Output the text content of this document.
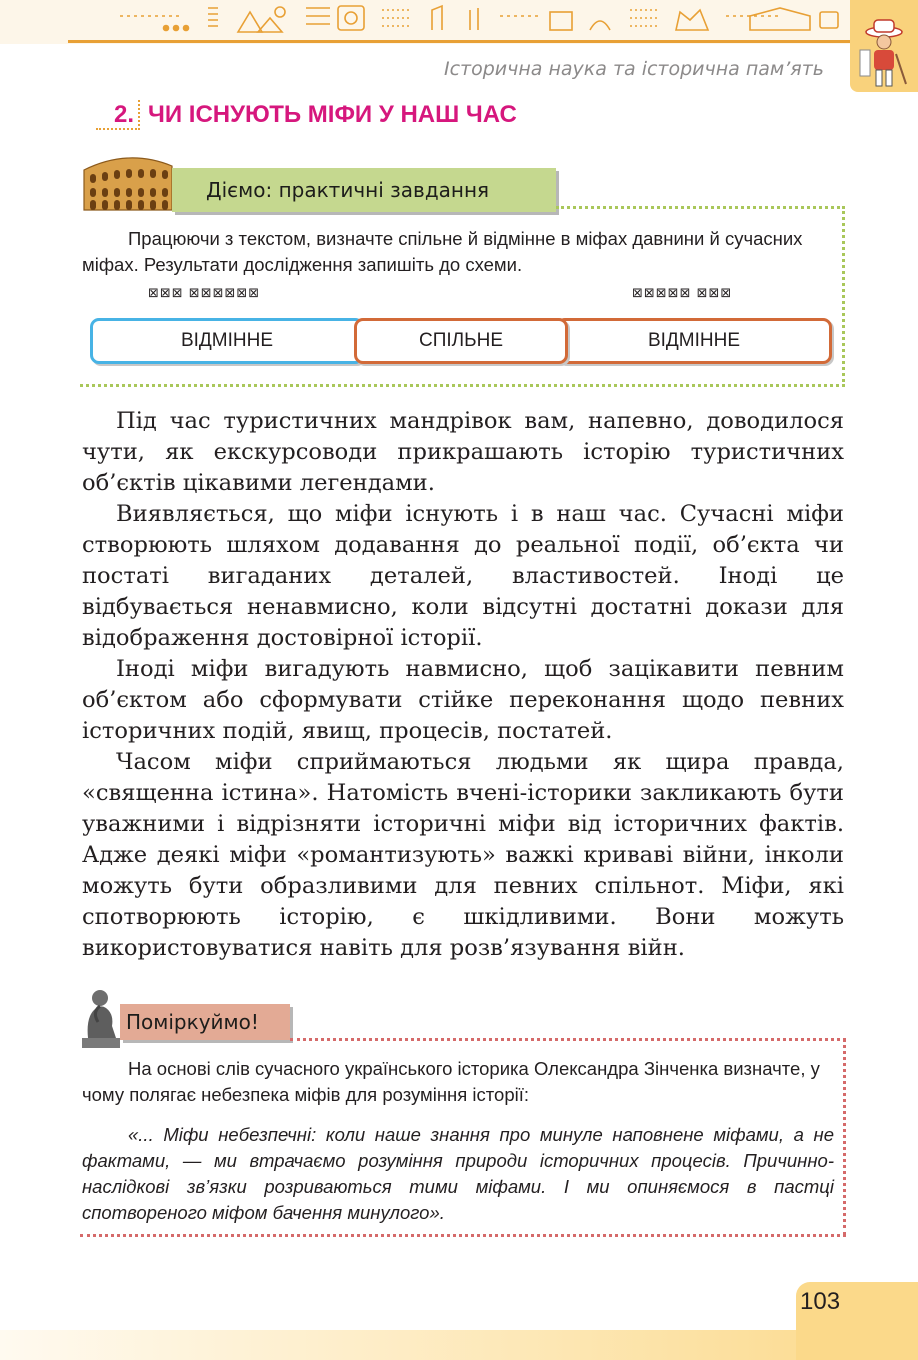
Історична наука та історична пам’ять
2. ЧИ ІСНУЮТЬ МІФИ У НАШ ЧАС
Діємо: практичні завдання
Працюючи з текстом, визначте спільне й відмінне в міфах давнини й сучасних міфах. Результати дослідження запишіть до схеми.
⊠⊠⊠ ⊠⊠⊠⊠⊠⊠	⊠⊠⊠⊠⊠ ⊠⊠⊠
ВІДМІННЕ	ВІДМІННЕ
СПІЛЬНЕ

Під час туристичних мандрівок вам, напевно, доводилося чути, як екскурсоводи прикрашають історію туристичних об’єктів цікавими легендами.

Виявляється, що міфи існують і в наш час. Сучасні міфи створюють шляхом додавання до реальної події, об’єкта чи постаті вигаданих деталей, властивостей. Іноді це відбувається ненавмисно, коли відсутні достатні докази для відображення достовірної історії.

Іноді міфи вигадують навмисно, щоб зацікавити певним об’єктом або сформувати стійке переконання щодо певних історичних подій, явищ, процесів, постатей.

Часом міфи сприймаються людьми як щира правда, «священна істина». Натомість вчені-історики закликають бути уважними і відрізняти історичні міфи від історичних фактів. Адже деякі міфи «романтизують» важкі криваві війни, інколи можуть бути образливими для певних спільнот. Міфи, які спотворюють історію, є шкідливими. Вони можуть використовуватися навіть для розв’язування війн.

Поміркуймо!
На основі слів сучасного українського історика Олександра Зінченка визначте, у чому полягає небезпека міфів для розуміння історії:
«... Міфи небезпечні: коли наше знання про минуле наповнене міфами, а не фактами, — ми втрачаємо розуміння природи історичних процесів. Причинно-наслідкові зв’язки розриваються тими міфами. І ми опиняємося в пастці спотвореного міфом бачення минулого».
103
